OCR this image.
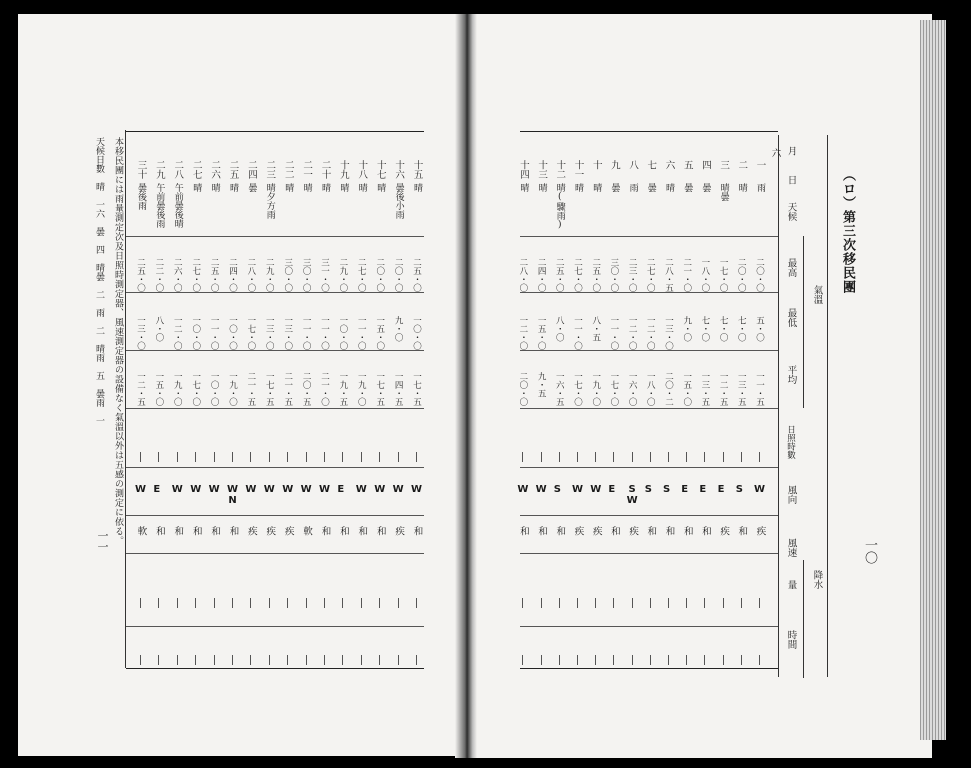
（ロ）第三次移民團
一〇
月
日
天候
氣溫
最高
最低
平均
日照時數
風向
風速
降水
量
時間
六
本移民團には雨量測定次及日照時測定器、風速測定器の設備なく氣溫以外は五感の測定に依る。
天候日數　晴　一六　曇　四　晴曇　二　雨　二　晴雨　五　曇雨　一
一一
一
雨
二〇・〇
五・〇
一一・五
W
疾
二
晴
二〇・〇
七・〇
一三・五
S
和
三
晴曇
一七・〇
七・〇
一二・五
E
疾
四
曇
一八・〇
七・〇
一三・五
E
和
五
曇
二一・〇
九・〇
一五・〇
E
和
六
晴
二八・五
一三・〇
二〇・二
S
和
七
曇
二七・〇
一二・〇
一八・〇
S
和
八
雨
二三・〇
一二・〇
一六・〇
S
W
疾
九
曇
三〇・〇
一一・〇
一七・〇
E
和
十
晴
二五・〇
八・五
一九・〇
W
疾
十一
晴
二七・〇
一一・〇
一七・〇
W
疾
十二
晴(驟雨)
二五・〇
八・〇
一六・五
S
和
十三
晴
二四・〇
一五・〇
九・五
W
和
十四
晴
二八・〇
一二・〇
二〇・〇
W
和
十五
晴
二五・〇
一〇・〇
一七・五
W
和
十六
曇後小雨
二〇・〇
九・〇
一四・五
W
疾
十七
晴
二〇・〇
一五・〇
一七・五
W
和
十八
晴
二七・〇
一一・〇
一九・〇
W
和
十九
晴
二九・〇
一〇・〇
一九・五
E
和
二十
晴
三一・〇
一一・〇
二一・〇
W
和
二一
晴
三〇・〇
一一・〇
二〇・五
W
軟
二二
晴
三〇・〇
一三・〇
二一・五
W
疾
二三
晴夕方雨
二九・〇
一三・〇
一七・五
W
疾
二四
曇
二八・〇
一七・〇
二一・五
W
疾
二五
晴
二四・〇
一〇・〇
一九・〇
W
N
和
二六
晴
二五・〇
一一・〇
一〇・〇
W
和
二七
晴
二七・〇
一〇・〇
一七・〇
W
和
二八
午前曇後晴
二六・〇
一二・〇
一九・〇
W
和
二九
午前曇後雨
二二・〇
八・〇
一五・〇
E
和
三十
曇後雨
二五・〇
一三・〇
一二・五
W
軟
